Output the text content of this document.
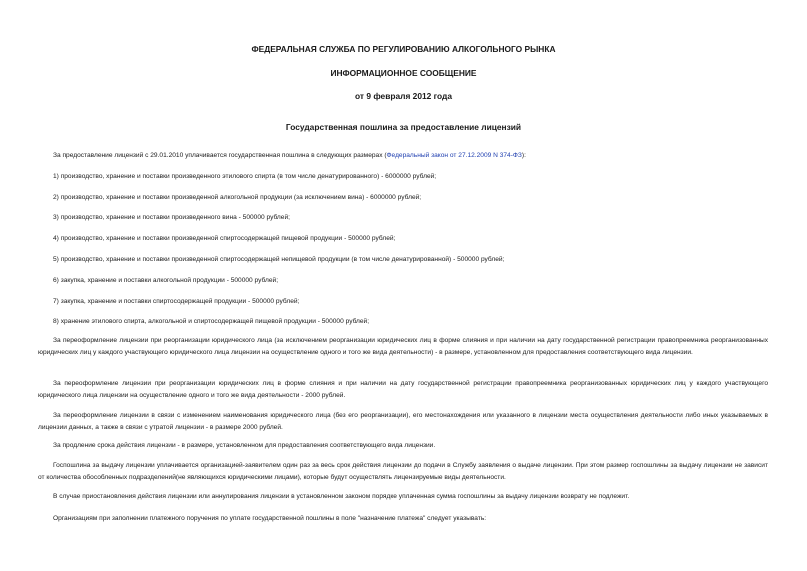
ФЕДЕРАЛЬНАЯ СЛУЖБА ПО РЕГУЛИРОВАНИЮ АЛКОГОЛЬНОГО РЫНКА
ИНФОРМАЦИОННОЕ СООБЩЕНИЕ
от 9 февраля 2012 года
Государственная пошлина за предоставление лицензий
За предоставление лицензий с 29.01.2010 уплачивается государственная пошлина в следующих размерах (Федеральный закон от 27.12.2009 N 374-ФЗ):
1) производство, хранение и поставки произведенного этилового спирта (в том числе денатурированного) - 6000000 рублей;
2) производство, хранение и поставки произведенной алкогольной продукции (за исключением вина) - 6000000 рублей;
3) производство, хранение и поставки произведенного вина - 500000 рублей;
4) производство, хранение и поставки произведенной спиртосодержащей пищевой продукции - 500000 рублей;
5) производство, хранение и поставки произведенной спиртосодержащей непищевой продукции (в том числе денатурированной) - 500000 рублей;
6) закупка, хранение и поставки алкогольной продукции - 500000 рублей;
7) закупка, хранение и поставки спиртосодержащей продукции - 500000 рублей;
8) хранение этилового спирта, алкогольной и спиртосодержащей пищевой продукции - 500000 рублей;
За переоформление лицензии при реорганизации юридического лица (за исключением реорганизации юридических лиц в форме слияния и при наличии на дату государственной регистрации правопреемника реорганизованных юридических лиц у каждого участвующего юридического лица лицензии на осуществление одного и того же вида деятельности) - в размере, установленном для предоставления соответствующего вида лицензии.
За переоформление лицензии при реорганизации юридических лиц в форме слияния и при наличии на дату государственной регистрации правопреемника реорганизованных юридических лиц у каждого участвующего юридического лица лицензии на осуществление одного и того же вида деятельности - 2000 рублей.
За переоформление лицензии в связи с изменением наименования юридического лица (без его реорганизации), его местонахождения или указанного в лицензии места осуществления деятельности либо иных указываемых в лицензии данных, а также в связи с утратой лицензии - в размере 2000 рублей.
За продление срока действия лицензии - в размере, установленном для предоставления соответствующего вида лицензии.
Госпошлина за выдачу лицензии уплачивается организацией-заявителем один раз за весь срок действия лицензии до подачи в Службу заявления о выдаче лицензии. При этом размер госпошлины за выдачу лицензии не зависит от количества обособленных подразделений(не являющихся юридическими лицами), которые будут осуществлять лицензируемые виды деятельности.
В случае приостановления действия лицензии или аннулирования лицензии в установленном законом порядке уплаченная сумма госпошлины за выдачу лицензии возврату не подлежит.
Организациям при заполнении платежного поручения по уплате государственной пошлины в поле "назначение платежа" следует указывать:
